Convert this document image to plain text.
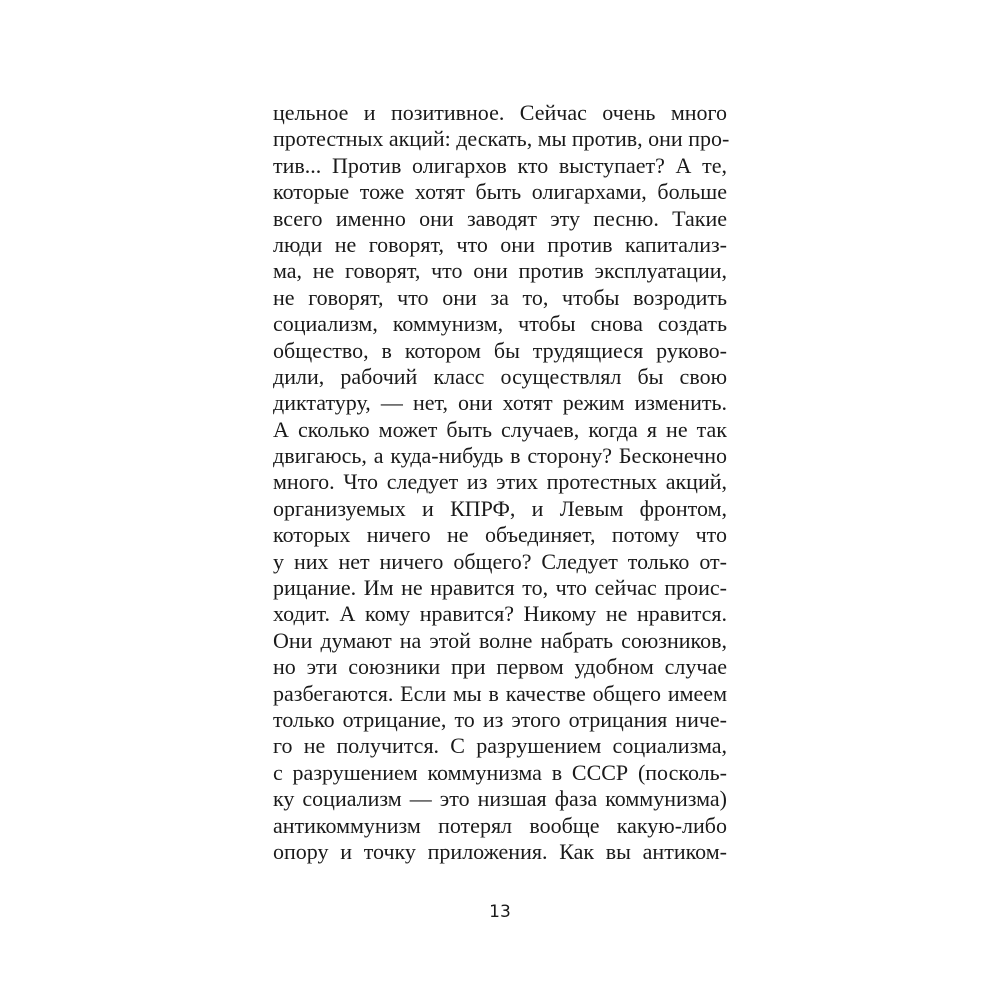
цельное и позитивное. Сейчас очень много
протестных акций: дескать, мы против, они про-
тив... Против олигархов кто выступает? А те,
которые тоже хотят быть олигархами, больше
всего именно они заводят эту песню. Такие
люди не говорят, что они против капитализ-
ма, не говорят, что они против эксплуатации,
не говорят, что они за то, чтобы возродить
социализм, коммунизм, чтобы снова создать
общество, в котором бы трудящиеся руково-
дили, рабочий класс осуществлял бы свою
диктатуру, — нет, они хотят режим изменить.
А сколько может быть случаев, когда я не так
двигаюсь, а куда-нибудь в сторону? Бесконечно
много. Что следует из этих протестных акций,
организуемых и КПРФ, и Левым фронтом,
которых ничего не объединяет, потому что
у них нет ничего общего? Следует только от-
рицание. Им не нравится то, что сейчас проис-
ходит. А кому нравится? Никому не нравится.
Они думают на этой волне набрать союзников,
но эти союзники при первом удобном случае
разбегаются. Если мы в качестве общего имеем
только отрицание, то из этого отрицания ниче-
го не получится. С разрушением социализма,
с разрушением коммунизма в СССР (посколь-
ку социализм — это низшая фаза коммунизма)
антикоммунизм потерял вообще какую-либо
опору и точку приложения. Как вы антиком-
13
